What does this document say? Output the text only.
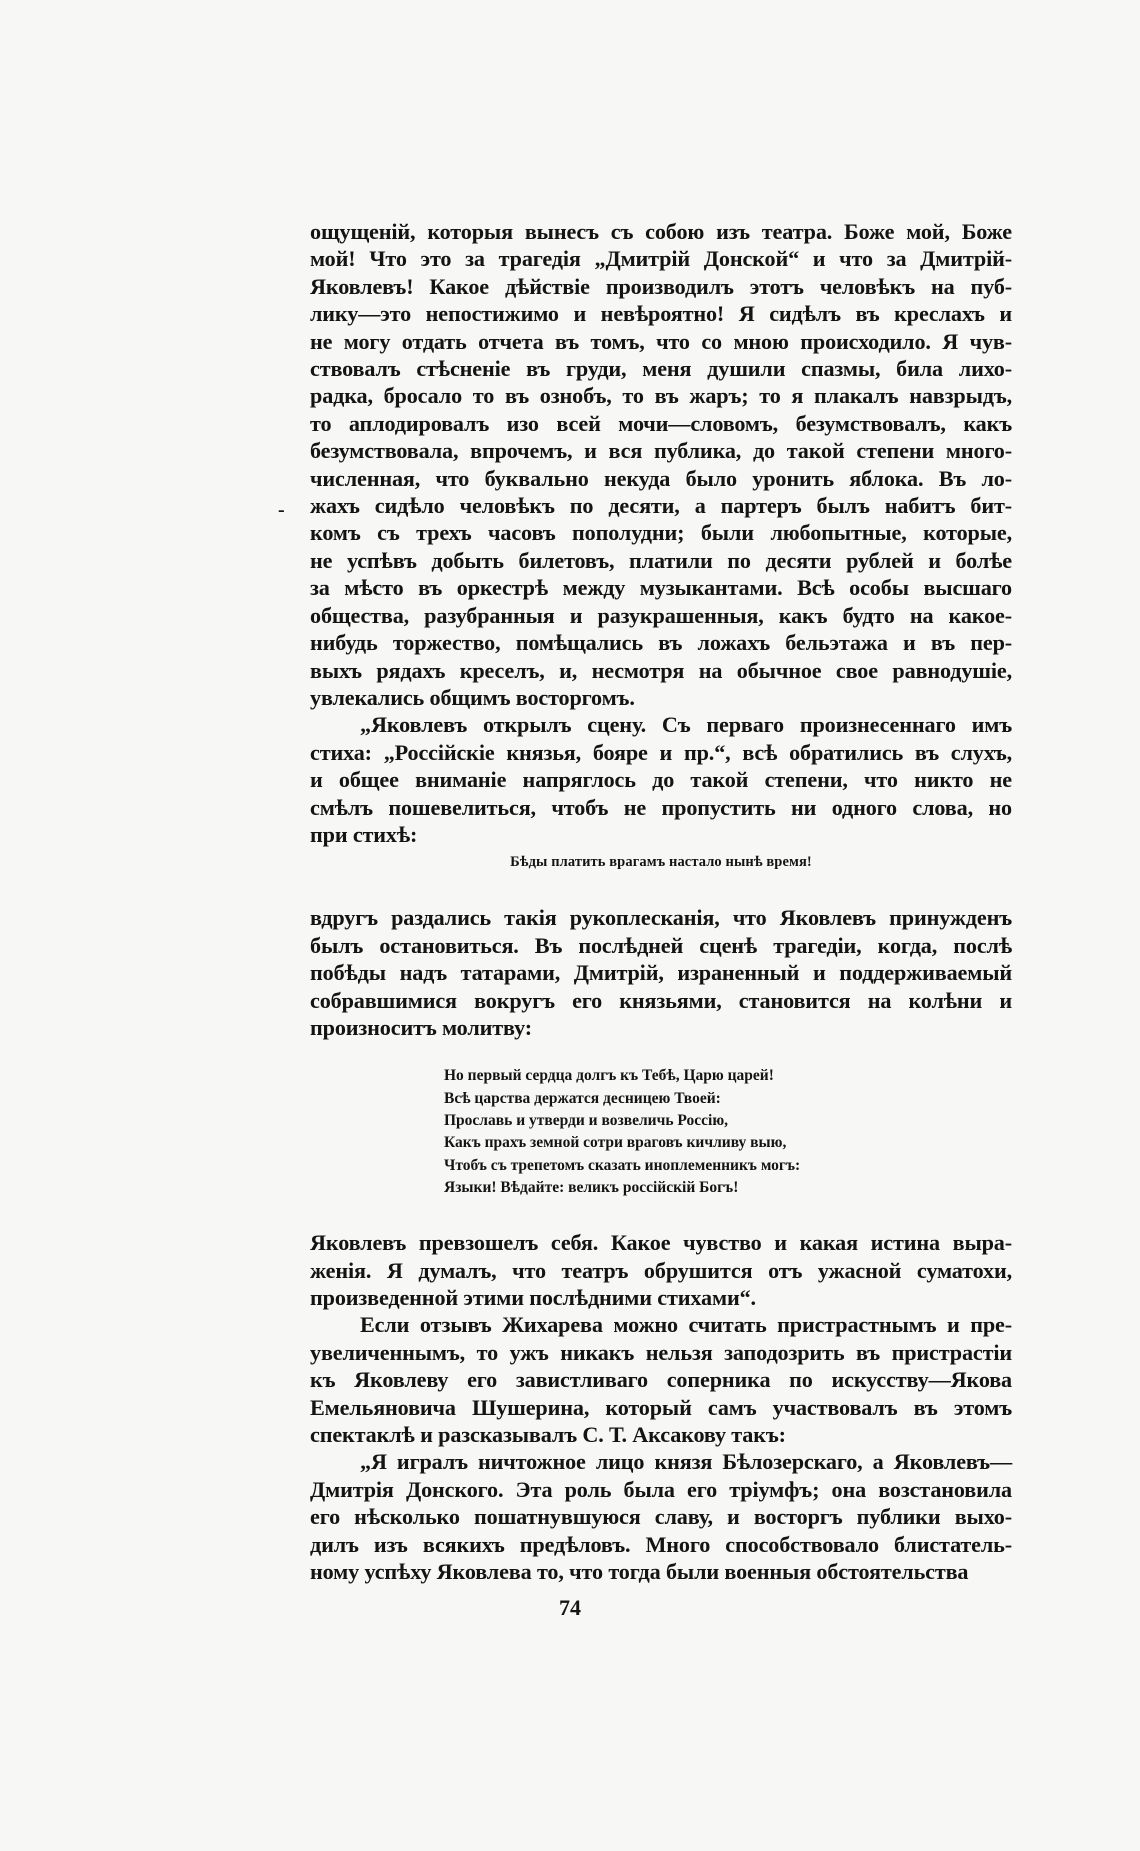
-
ощущеній, которыя вынесъ съ собою изъ театра. Боже мой, Боже
мой! Что это за трагедія „Дмитрій Донской“ и что за Дмитрій-
Яковлевъ! Какое дѣйствіе производилъ этотъ человѣкъ на пуб-
лику—это непостижимо и невѣроятно! Я сидѣлъ въ креслахъ и
не могу отдать отчета въ томъ, что со мною происходило. Я чув-
ствовалъ стѣсненіе въ груди, меня душили спазмы, била лихо-
радка, бросало то въ ознобъ, то въ жаръ; то я плакалъ навзрыдъ,
то аплодировалъ изо всей мочи—словомъ, безумствовалъ, какъ
безумствовала, впрочемъ, и вся публика, до такой степени много-
численная, что буквально некуда было уронить яблока. Въ ло-
жахъ сидѣло человѣкъ по десяти, а партеръ былъ набитъ бит-
комъ съ трехъ часовъ пополудни; были любопытные, которые,
не успѣвъ добыть билетовъ, платили по десяти рублей и болѣе
за мѣсто въ оркестрѣ между музыкантами. Всѣ особы высшаго
общества, разубранныя и разукрашенныя, какъ будто на какое-
нибудь торжество, помѣщались въ ложахъ бельэтажа и въ пер-
выхъ рядахъ креселъ, и, несмотря на обычное свое равнодушіе,
увлекались общимъ восторгомъ.
„Яковлевъ открылъ сцену. Съ перваго произнесеннаго имъ
стиха: „Россійскіе князья, бояре и пр.“, всѣ обратились въ слухъ,
и общее вниманіе напряглось до такой степени, что никто не
смѣлъ пошевелиться, чтобъ не пропустить ни одного слова, но
при стихѣ:
Бѣды платить врагамъ настало нынѣ время!
вдругъ раздались такія рукоплесканія, что Яковлевъ принужденъ
былъ остановиться. Въ послѣдней сценѣ трагедіи, когда, послѣ
побѣды надъ татарами, Дмитрій, израненный и поддерживаемый
собравшимися вокругъ его князьями, становится на колѣни и
произноситъ молитву:
Но первый сердца долгъ къ Тебѣ, Царю царей!
Всѣ царства держатся десницею Твоей:
Прославь и утверди и возвеличь Россію,
Какъ прахъ земной сотри враговъ кичливу выю,
Чтобъ съ трепетомъ сказать иноплеменникъ могъ:
Языки! Вѣдайте: великъ россійскій Богъ!
Яковлевъ превзошелъ себя. Какое чувство и какая истина выра-
женія. Я думалъ, что театръ обрушится отъ ужасной суматохи,
произведенной этими послѣдними стихами“.
Если отзывъ Жихарева можно считать пристрастнымъ и пре-
увеличеннымъ, то ужъ никакъ нельзя заподозрить въ пристрастіи
къ Яковлеву его завистливаго соперника по искусству—Якова
Емельяновича Шушерина, который самъ участвовалъ въ этомъ
спектаклѣ и разсказывалъ С. Т. Аксакову такъ:
„Я игралъ ничтожное лицо князя Бѣлозерскаго, а Яковлевъ—
Дмитрія Донского. Эта роль была его тріумфъ; она возстановила
его нѣсколько пошатнувшуюся славу, и восторгъ публики выхо-
дилъ изъ всякихъ предѣловъ. Много способствовало блистатель-
ному успѣху Яковлева то, что тогда были военныя обстоятельства
74
